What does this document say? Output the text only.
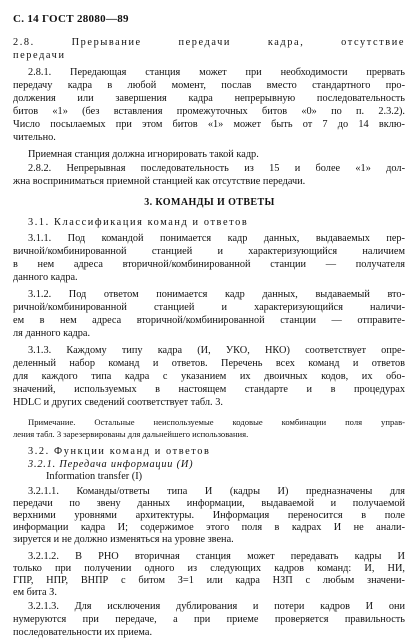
С. 14 ГОСТ 28080—89
2.8. Прерывание передачи кадра, отсутствие
передачи
2.8.1. Передающая станция может при необходимости прервать
передачу кадра в любой момент, послав вместо стандартного про-
должения или завершения кадра непрерывную последовательность
битов «1» (без вставления промежуточных битов «0» по п. 2.3.2).
Число посылаемых при этом битов «1» может быть от 7 до 14 вклю-
чительно.
Приемная станция должна игнорировать такой кадр.
2.8.2. Непрерывная последовательность из 15 и более «1» дол-
жна восприниматься приемной станцией как отсутствие передачи.
3. КОМАНДЫ И ОТВЕТЫ
3.1. Классификация команд и ответов
3.1.1. Под командой понимается кадр данных, выдаваемых пер-
вичной/комбинированной станцией и характеризующийся наличием
в нем адреса вторичной/комбинированной станции — получателя
данного кадра.
3.1.2. Под ответом понимается кадр данных, выдаваемый вто-
ричной/комбинированной станцией и характеризующийся наличи-
ем в нем адреса вторичной/комбинированной станции — отправите-
ля данного кадра.
3.1.3. Каждому типу кадра (И, УКО, НКО) соответствует опре-
деленный набор команд и ответов. Перечень всех команд и ответов
для каждого типа кадра с указанием их двоичных кодов, их обо-
значений, используемых в настоящем стандарте и в процедурах
HDLC и других сведений соответствует табл. 3.
Примечание. Остальные неиспользуемые кодовые комбинации поля управ-
ления табл. 3 зарезервированы для дальнейшего использования.
3.2. Функции команд и ответов
3.2.1. Передача информации (И)
Information transfer (I)
3.2.1.1. Команды/ответы типа И (кадры И) предназначены для
передачи по звену данных информации, выдаваемой и получаемой
верхними уровнями архитектуры. Информация переносится в поле
информации кадра И; содержимое этого поля в кадрах И не анали-
зируется и не должно изменяться на уровне звена.
3.2.1.2. В РНО вторичная станция может передавать кадры И
только при получении одного из следующих кадров команд: И, НИ,
ГПР, НПР, ВНПР с битом З=1 или кадра НЗП с любым значени-
ем бита З.
3.2.1.3. Для исключения дублирования и потери кадров И они
нумеруются при передаче, а при приеме проверяется правильность
последовательности их приема.
